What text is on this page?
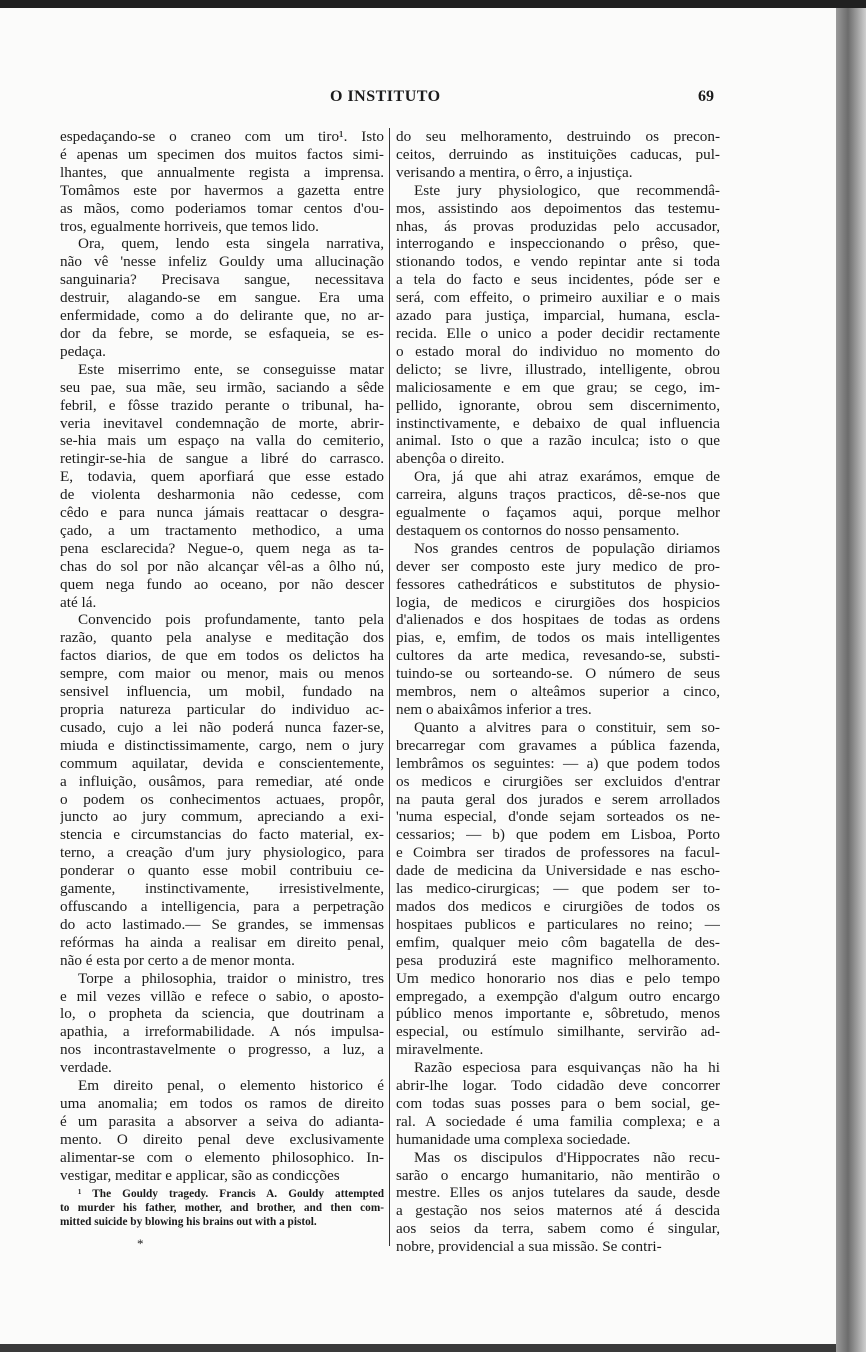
O INSTITUTO	69
espedaçando-se o craneo com um tiro¹. Isto
é apenas um specimen dos muitos factos simi-
lhantes, que annualmente regista a imprensa.
Tomâmos este por havermos a gazetta entre
as mãos, como poderiamos tomar centos d'ou-
tros, egualmente horriveis, que temos lido.
Ora, quem, lendo esta singela narrativa,
não vê 'nesse infeliz Gouldy uma allucinação
sanguinaria? Precisava sangue, necessitava
destruir, alagando-se em sangue. Era uma
enfermidade, como a do delirante que, no ar-
dor da febre, se morde, se esfaqueia, se es-
pedaça.
Este miserrimo ente, se conseguisse matar
seu pae, sua mãe, seu irmão, saciando a sêde
febril, e fôsse trazido perante o tribunal, ha-
veria inevitavel condemnação de morte, abrir-
se-hia mais um espaço na valla do cemiterio,
retingir-se-hia de sangue a libré do carrasco.
E, todavia, quem aporfiará que esse estado
de violenta desharmonia não cedesse, com
cêdo e para nunca jámais reattacar o desgra-
çado, a um tractamento methodico, a uma
pena esclarecida? Negue-o, quem nega as ta-
chas do sol por não alcançar vêl-as a ôlho nú,
quem nega fundo ao oceano, por não descer
até lá.
Convencido pois profundamente, tanto pela
razão, quanto pela analyse e meditação dos
factos diarios, de que em todos os delictos ha
sempre, com maior ou menor, mais ou menos
sensivel influencia, um mobil, fundado na
propria natureza particular do individuo ac-
cusado, cujo a lei não poderá nunca fazer-se,
miuda e distinctissimamente, cargo, nem o jury
commum aquilatar, devida e conscientemente,
a influição, ousâmos, para remediar, até onde
o podem os conhecimentos actuaes, propôr,
juncto ao jury commum, apreciando a exi-
stencia e circumstancias do facto material, ex-
terno, a creação d'um jury physiologico, para
ponderar o quanto esse mobil contribuiu ce-
gamente, instinctivamente, irresistivelmente,
offuscando a intelligencia, para a perpetração
do acto lastimado.— Se grandes, se immensas
refórmas ha ainda a realisar em direito penal,
não é esta por certo a de menor monta.
Torpe a philosophia, traidor o ministro, tres
e mil vezes villão e refece o sabio, o aposto-
lo, o propheta da sciencia, que doutrinam a
apathia, a irreformabilidade. A nós impulsa-
nos incontrastavelmente o progresso, a luz, a
verdade.
Em direito penal, o elemento historico é
uma anomalia; em todos os ramos de direito
é um parasita a absorver a seiva do adianta-
mento. O direito penal deve exclusivamente
alimentar-se com o elemento philosophico. In-
vestigar, meditar e applicar, são as condicções
do seu melhoramento, destruindo os precon-
ceitos, derruindo as instituições caducas, pul-
verisando a mentira, o êrro, a injustiça.
Este jury physiologico, que recommendâ-
mos, assistindo aos depoimentos das testemu-
nhas, ás provas produzidas pelo accusador,
interrogando e inspeccionando o prêso, que-
stionando todos, e vendo repintar ante si toda
a tela do facto e seus incidentes, póde ser e
será, com effeito, o primeiro auxiliar e o mais
azado para justiça, imparcial, humana, escla-
recida. Elle o unico a poder decidir rectamente
o estado moral do individuo no momento do
delicto; se livre, illustrado, intelligente, obrou
maliciosamente e em que grau; se cego, im-
pellido, ignorante, obrou sem discernimento,
instinctivamente, e debaixo de qual influencia
animal. Isto o que a razão inculca; isto o que
abençôa o direito.
Ora, já que ahi atraz exarámos, emque de
carreira, alguns traços practicos, dê-se-nos que
egualmente o façamos aqui, porque melhor
destaquem os contornos do nosso pensamento.
Nos grandes centros de população diriamos
dever ser composto este jury medico de pro-
fessores cathedráticos e substitutos de physio-
logia, de medicos e cirurgiões dos hospicios
d'alienados e dos hospitaes de todas as ordens
pias, e, emfim, de todos os mais intelligentes
cultores da arte medica, revesando-se, substi-
tuindo-se ou sorteando-se. O número de seus
membros, nem o alteâmos superior a cinco,
nem o abaixâmos inferior a tres.
Quanto a alvitres para o constituir, sem so-
brecarregar com gravames a pública fazenda,
lembrâmos os seguintes: — a) que podem todos
os medicos e cirurgiões ser excluidos d'entrar
na pauta geral dos jurados e serem arrollados
'numa especial, d'onde sejam sorteados os ne-
cessarios; — b) que podem em Lisboa, Porto
e Coimbra ser tirados de professores na facul-
dade de medicina da Universidade e nas escho-
las medico-cirurgicas; — que podem ser to-
mados dos medicos e cirurgiões de todos os
hospitaes publicos e particulares no reino; —
emfim, qualquer meio côm bagatella de des-
pesa produzirá este magnifico melhoramento.
Um medico honorario nos dias e pelo tempo
empregado, a exempção d'algum outro encargo
público menos importante e, sôbretudo, menos
especial, ou estímulo similhante, servirão ad-
miravelmente.
Razão especiosa para esquivanças não ha hi
abrir-lhe logar. Todo cidadão deve concorrer
com todas suas posses para o bem social, ge-
ral. A sociedade é uma familia complexa; e a
humanidade uma complexa sociedade.
Mas os discipulos d'Hippocrates não recu-
sarão o encargo humanitario, não mentirão o
mestre. Elles os anjos tutelares da saude, desde
a gestação nos seios maternos até á descida
aos seios da terra, sabem como é singular,
nobre, providencial a sua missão. Se contri-
¹ The Gouldy tragedy. Francis A. Gouldy attempted
to murder his father, mother, and brother, and then com-
mitted suicide by blowing his brains out with a pistol.
*
